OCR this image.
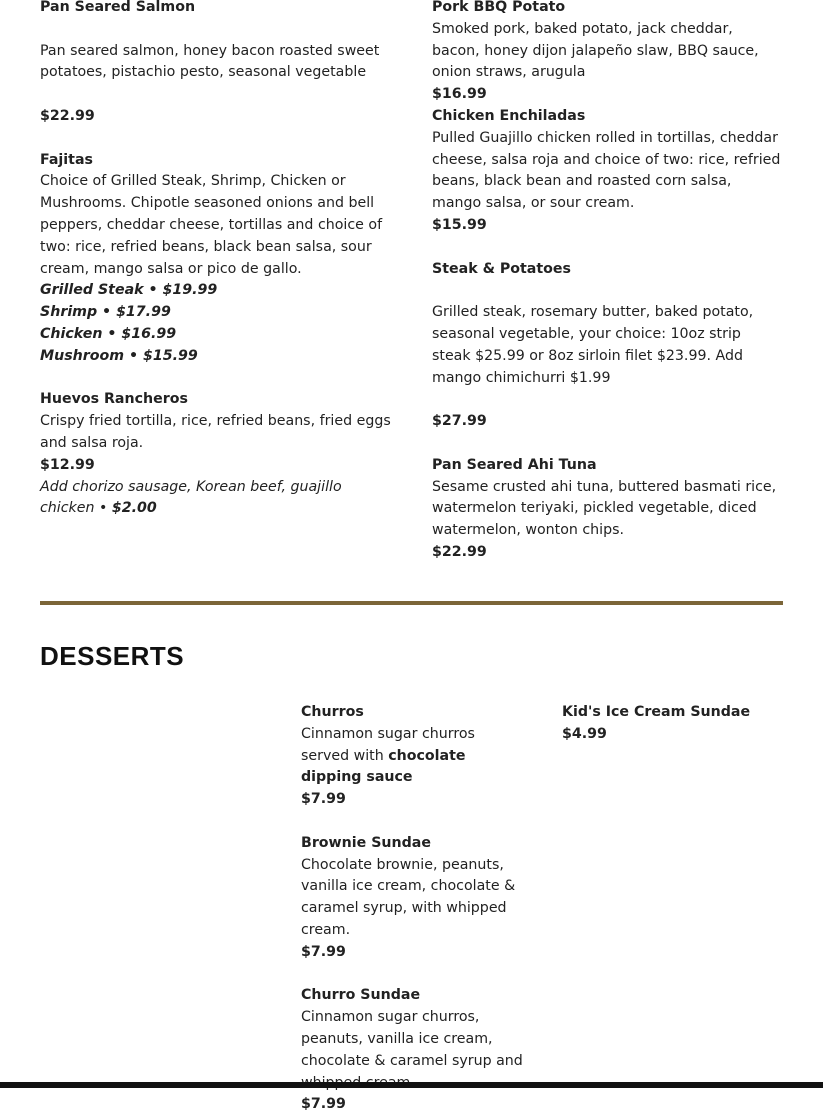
Pan Seared Salmon
Pan seared salmon, honey bacon roasted sweet potatoes, pistachio pesto, seasonal vegetable
$22.99
Fajitas
Choice of Grilled Steak, Shrimp, Chicken or Mushrooms. Chipotle seasoned onions and bell peppers, cheddar cheese, tortillas and choice of two: rice, refried beans, black bean salsa, sour cream, mango salsa or pico de gallo.
Grilled Steak • $19.99
Shrimp • $17.99
Chicken • $16.99
Mushroom • $15.99
Huevos Rancheros
Crispy fried tortilla, rice, refried beans, fried eggs and salsa roja.
$12.99
Add chorizo sausage, Korean beef, guajillo chicken • $2.00
Pork BBQ Potato
Smoked pork, baked potato, jack cheddar, bacon, honey dijon jalapeño slaw, BBQ sauce, onion straws, arugula
$16.99
Chicken Enchiladas
Pulled Guajillo chicken rolled in tortillas, cheddar cheese, salsa roja and choice of two: rice, refried beans, black bean and roasted corn salsa, mango salsa, or sour cream.
$15.99
Steak & Potatoes
Grilled steak, rosemary butter, baked potato, seasonal vegetable, your choice: 10oz strip steak $25.99 or 8oz sirloin filet $23.99. Add mango chimichurri $1.99
$27.99
Pan Seared Ahi Tuna
Sesame crusted ahi tuna, buttered basmati rice, watermelon teriyaki, pickled vegetable, diced watermelon, wonton chips.
$22.99
DESSERTS
Churros
Cinnamon sugar churros served with chocolate dipping sauce
$7.99
Brownie Sundae
Chocolate brownie, peanuts, vanilla ice cream, chocolate & caramel syrup, with whipped cream.
$7.99
Churro Sundae
Cinnamon sugar churros, peanuts, vanilla ice cream, chocolate & caramel syrup and
$7.99
Kid's Ice Cream Sundae
$4.99
